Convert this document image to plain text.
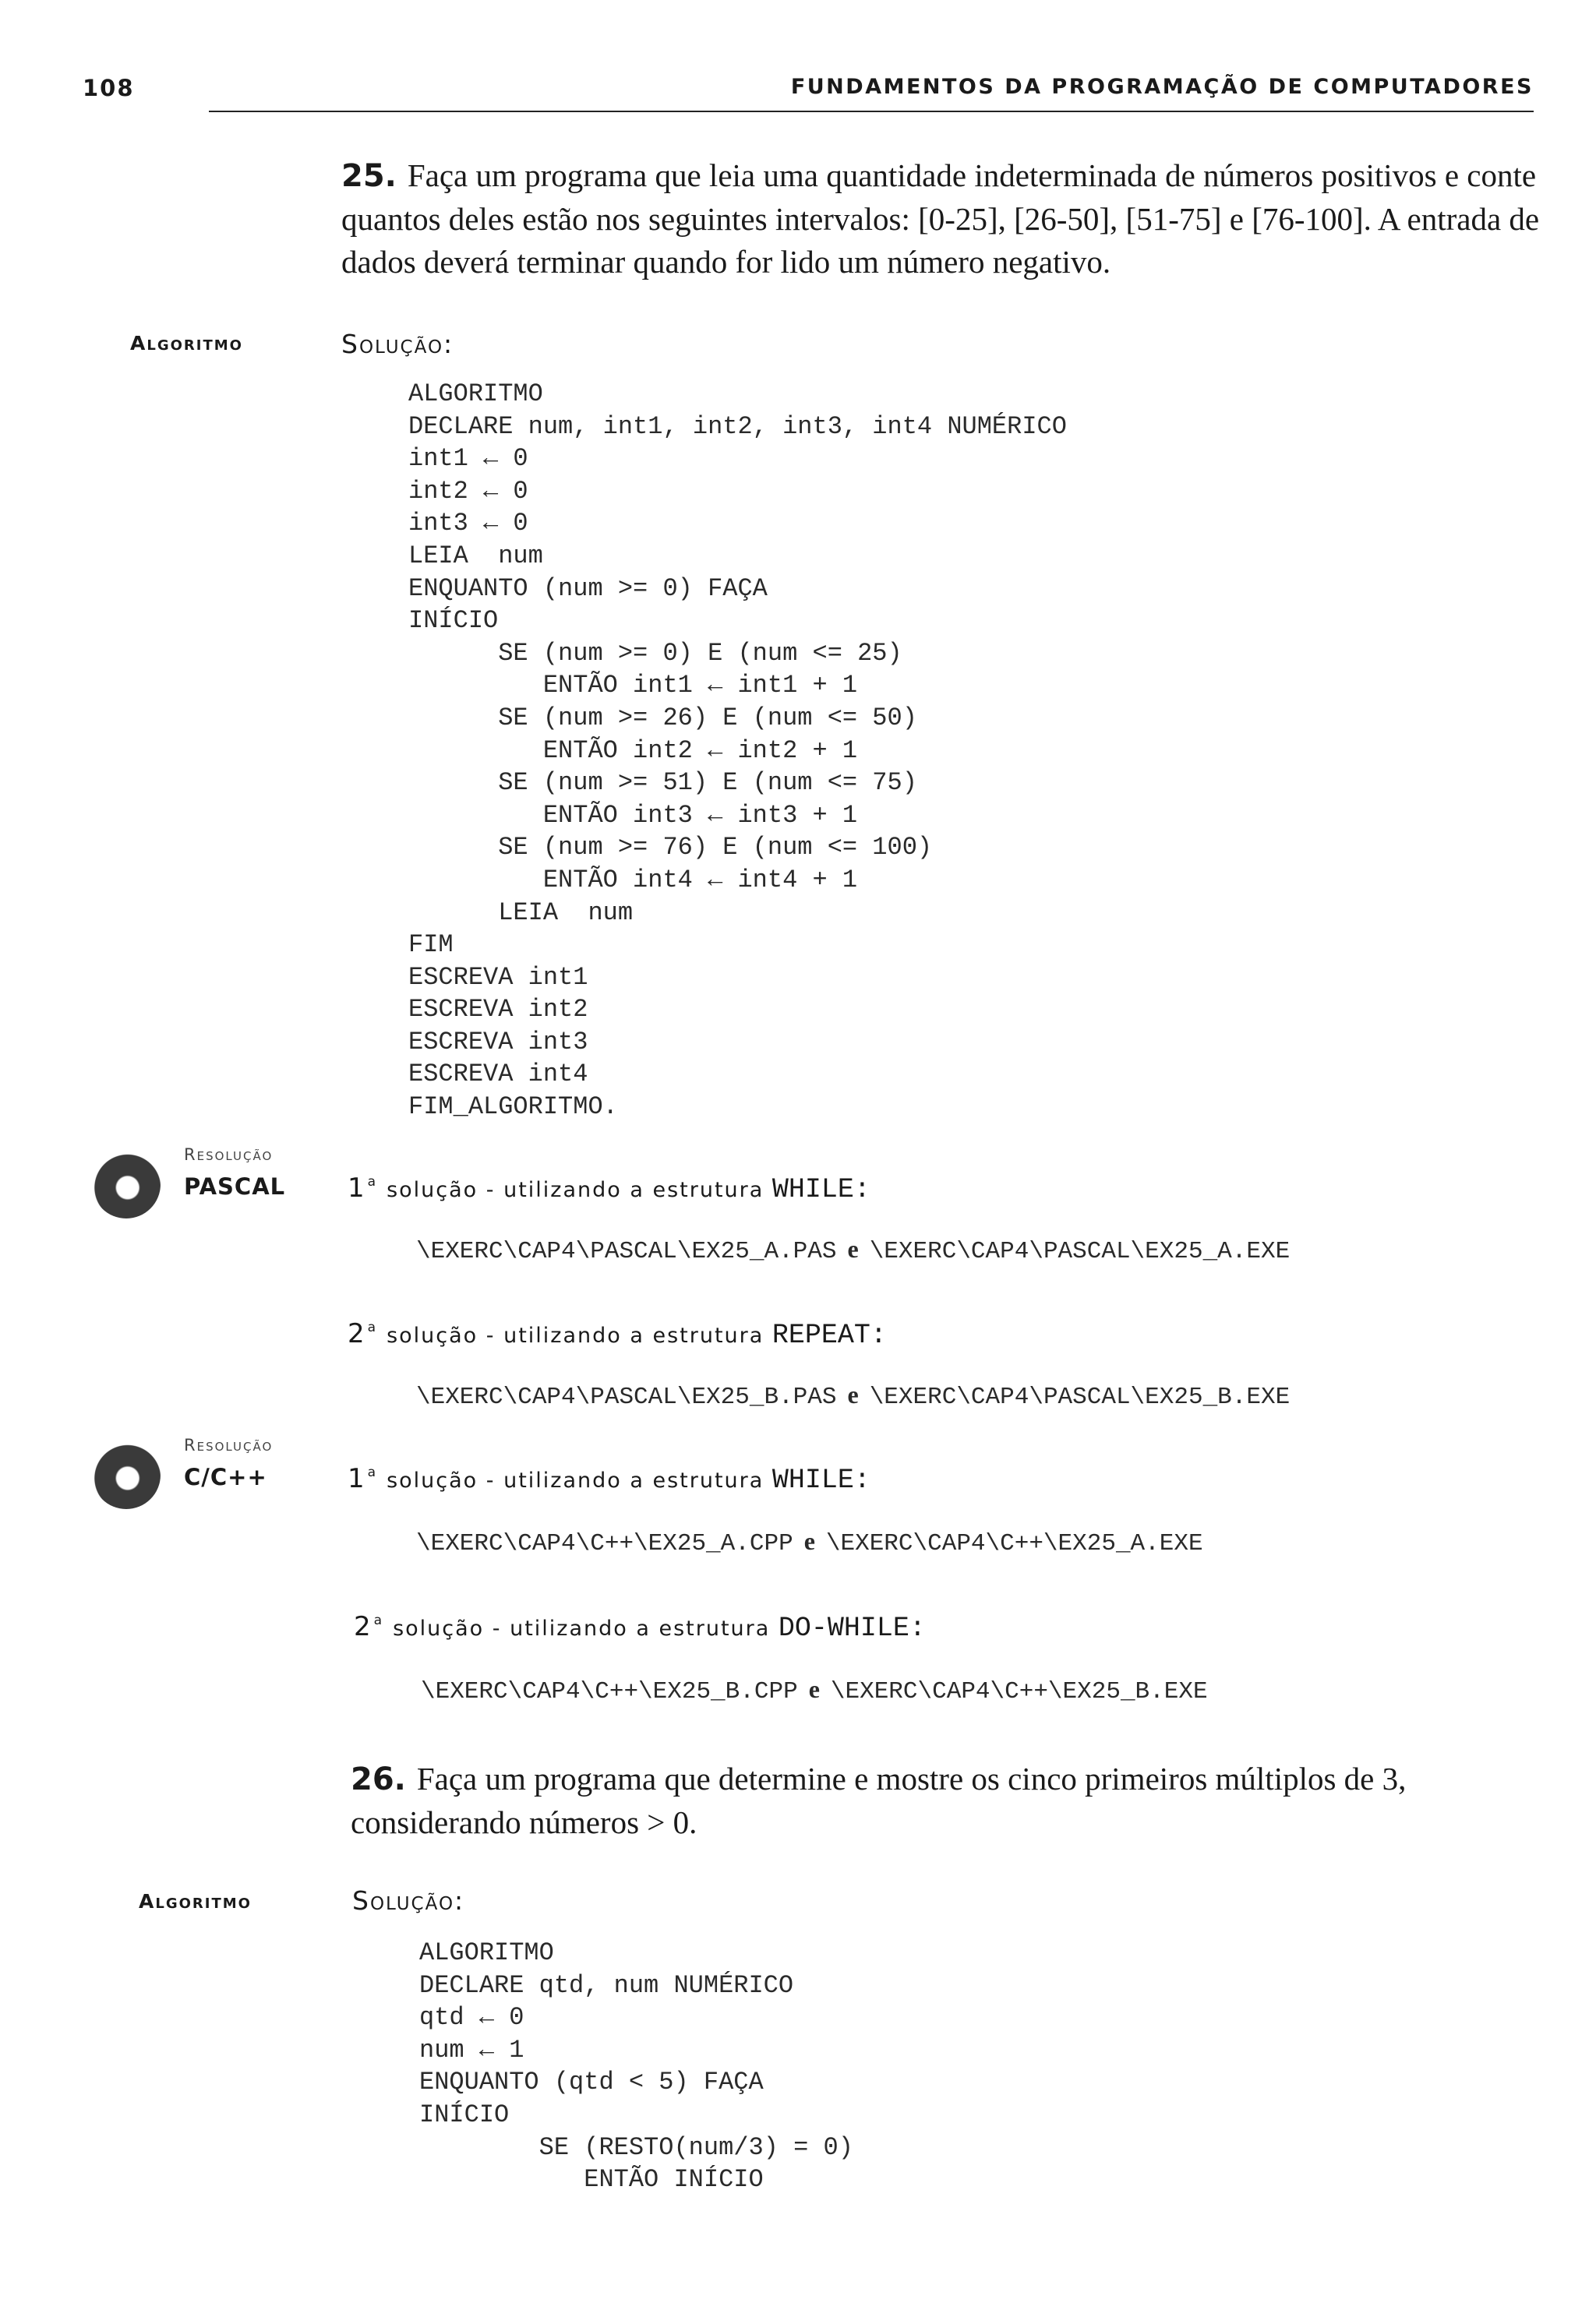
108	FUNDAMENTOS DA PROGRAMAÇÃO DE COMPUTADORES
25. Faça um programa que leia uma quantidade indeterminada de números positivos e conte quantos deles estão nos seguintes intervalos: [0-25], [26-50], [51-75] e [76-100]. A entrada de dados deverá terminar quando for lido um número negativo.
Algoritmo	Solução:
ALGORITMO
DECLARE num, int1, int2, int3, int4 NUMÉRICO
int1 ← 0
int2 ← 0
int3 ← 0
LEIA  num
ENQUANTO (num >= 0) FAÇA
INÍCIO
SE (num >= 0) E (num <= 25)
ENTÃO int1 ← int1 + 1
SE (num >= 26) E (num <= 50)
ENTÃO int2 ← int2 + 1
SE (num >= 51) E (num <= 75)
ENTÃO int3 ← int3 + 1
SE (num >= 76) E (num <= 100)
ENTÃO int4 ← int4 + 1
LEIA  num
FIM
ESCREVA int1
ESCREVA int2
ESCREVA int3
ESCREVA int4
FIM_ALGORITMO.
Resolução
PASCAL 1 $^a$ solução - utilizando a estrutura WHILE:
\EXERC\CAP4\PASCAL\EX25_A.PAS e \EXERC\CAP4\PASCAL\EX25_A.EXE
2 $^a$ solução - utilizando a estrutura REPEAT:
\EXERC\CAP4\PASCAL\EX25_B.PAS e \EXERC\CAP4\PASCAL\EX25_B.EXE
Resolução
C/C++	1 $^a$ solução - utilizando a estrutura WHILE:
\EXERC\CAP4\C++\EX25_A.CPP e \EXERC\CAP4\C++\EX25_A.EXE
2 $^a$ solução - utilizando a estrutura DO-WHILE:
\EXERC\CAP4\C++\EX25_B.CPP e \EXERC\CAP4\C++\EX25_B.EXE
26. Faça um programa que determine e mostre os cinco primeiros múltiplos de 3, considerando números > 0.
Algoritmo	Solução:
ALGORITMO
DECLARE qtd, num NUMÉRICO
qtd ← 0
num ← 1
ENQUANTO (qtd < 5) FAÇA
INÍCIO
SE (RESTO(num/3) = 0)
ENTÃO INÍCIO
